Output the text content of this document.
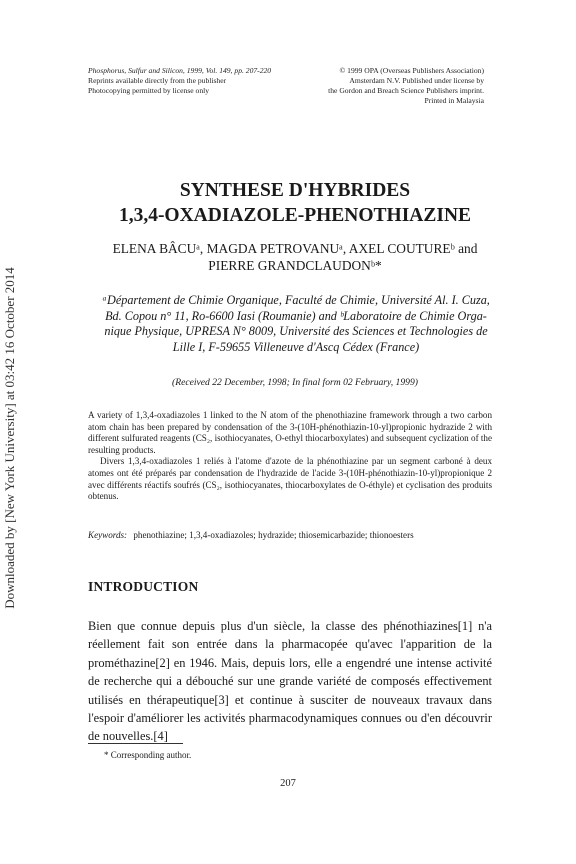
Downloaded by [New York University] at 03:42 16 October 2014
Phosphorus, Sulfur and Silicon, 1999, Vol. 149, pp. 207-220
Reprints available directly from the publisher
Photocopying permitted by license only
© 1999 OPA (Overseas Publishers Association)
Amsterdam N.V. Published under license by
the Gordon and Breach Science Publishers imprint.
Printed in Malaysia
SYNTHESE D'HYBRIDES
1,3,4-OXADIAZOLE-PHENOTHIAZINE
ELENA BÂCUᵃ, MAGDA PETROVANUᵃ, AXEL COUTUREᵇ and
PIERRE GRANDCLAUDONᵇ*
ᵃDépartement de Chimie Organique, Faculté de Chimie, Université Al. I. Cuza,
Bd. Copou n° 11, Ro-6600 Iasi (Roumanie) and ᵇLaboratoire de Chimie Orga-
nique Physique, UPRESA N° 8009, Université des Sciences et Technologies de
Lille I, F-59655 Villeneuve d'Ascq Cédex (France)
(Received 22 December, 1998; In final form 02 February, 1999)

A variety of 1,3,4-oxadiazoles 1 linked to the N atom of the phenothiazine framework through a two carbon atom chain has been prepared by condensation of the 3-(10H-phénothiazin-10-yl)propionic hydrazide 2 with different sulfurated reagents (CS₂, isothiocyanates, O-ethyl thiocarboxylates) and subsequent cyclization of the resulting products.

Divers 1,3,4-oxadiazoles 1 reliés à l'atome d'azote de la phénothiazine par un segment carboné à deux atomes ont été préparés par condensation de l'hydrazide de l'acide 3-(10H-phénothiazin-10-yl)propionique 2 avec différents réactifs soufrés (CS₂, isothiocyanates, thiocarboxylates de O-éthyle) et cyclisation des produits obtenus.

Keywords: phenothiazine; 1,3,4-oxadiazoles; hydrazide; thiosemicarbazide; thionoesters
INTRODUCTION

Bien que connue depuis plus d'un siècle, la classe des phénothiazines[1] n'a réellement fait son entrée dans la pharmacopée qu'avec l'apparition de la prométhazine[2] en 1946. Mais, depuis lors, elle a engendré une intense activité de recherche qui a débouché sur une grande variété de composés effectivement utilisés en thérapeutique[3] et continue à susciter de nouveaux travaux dans l'espoir d'améliorer les activités pharmacodynamiques connues ou d'en découvrir de nouvelles.[4]

* Corresponding author.
207
